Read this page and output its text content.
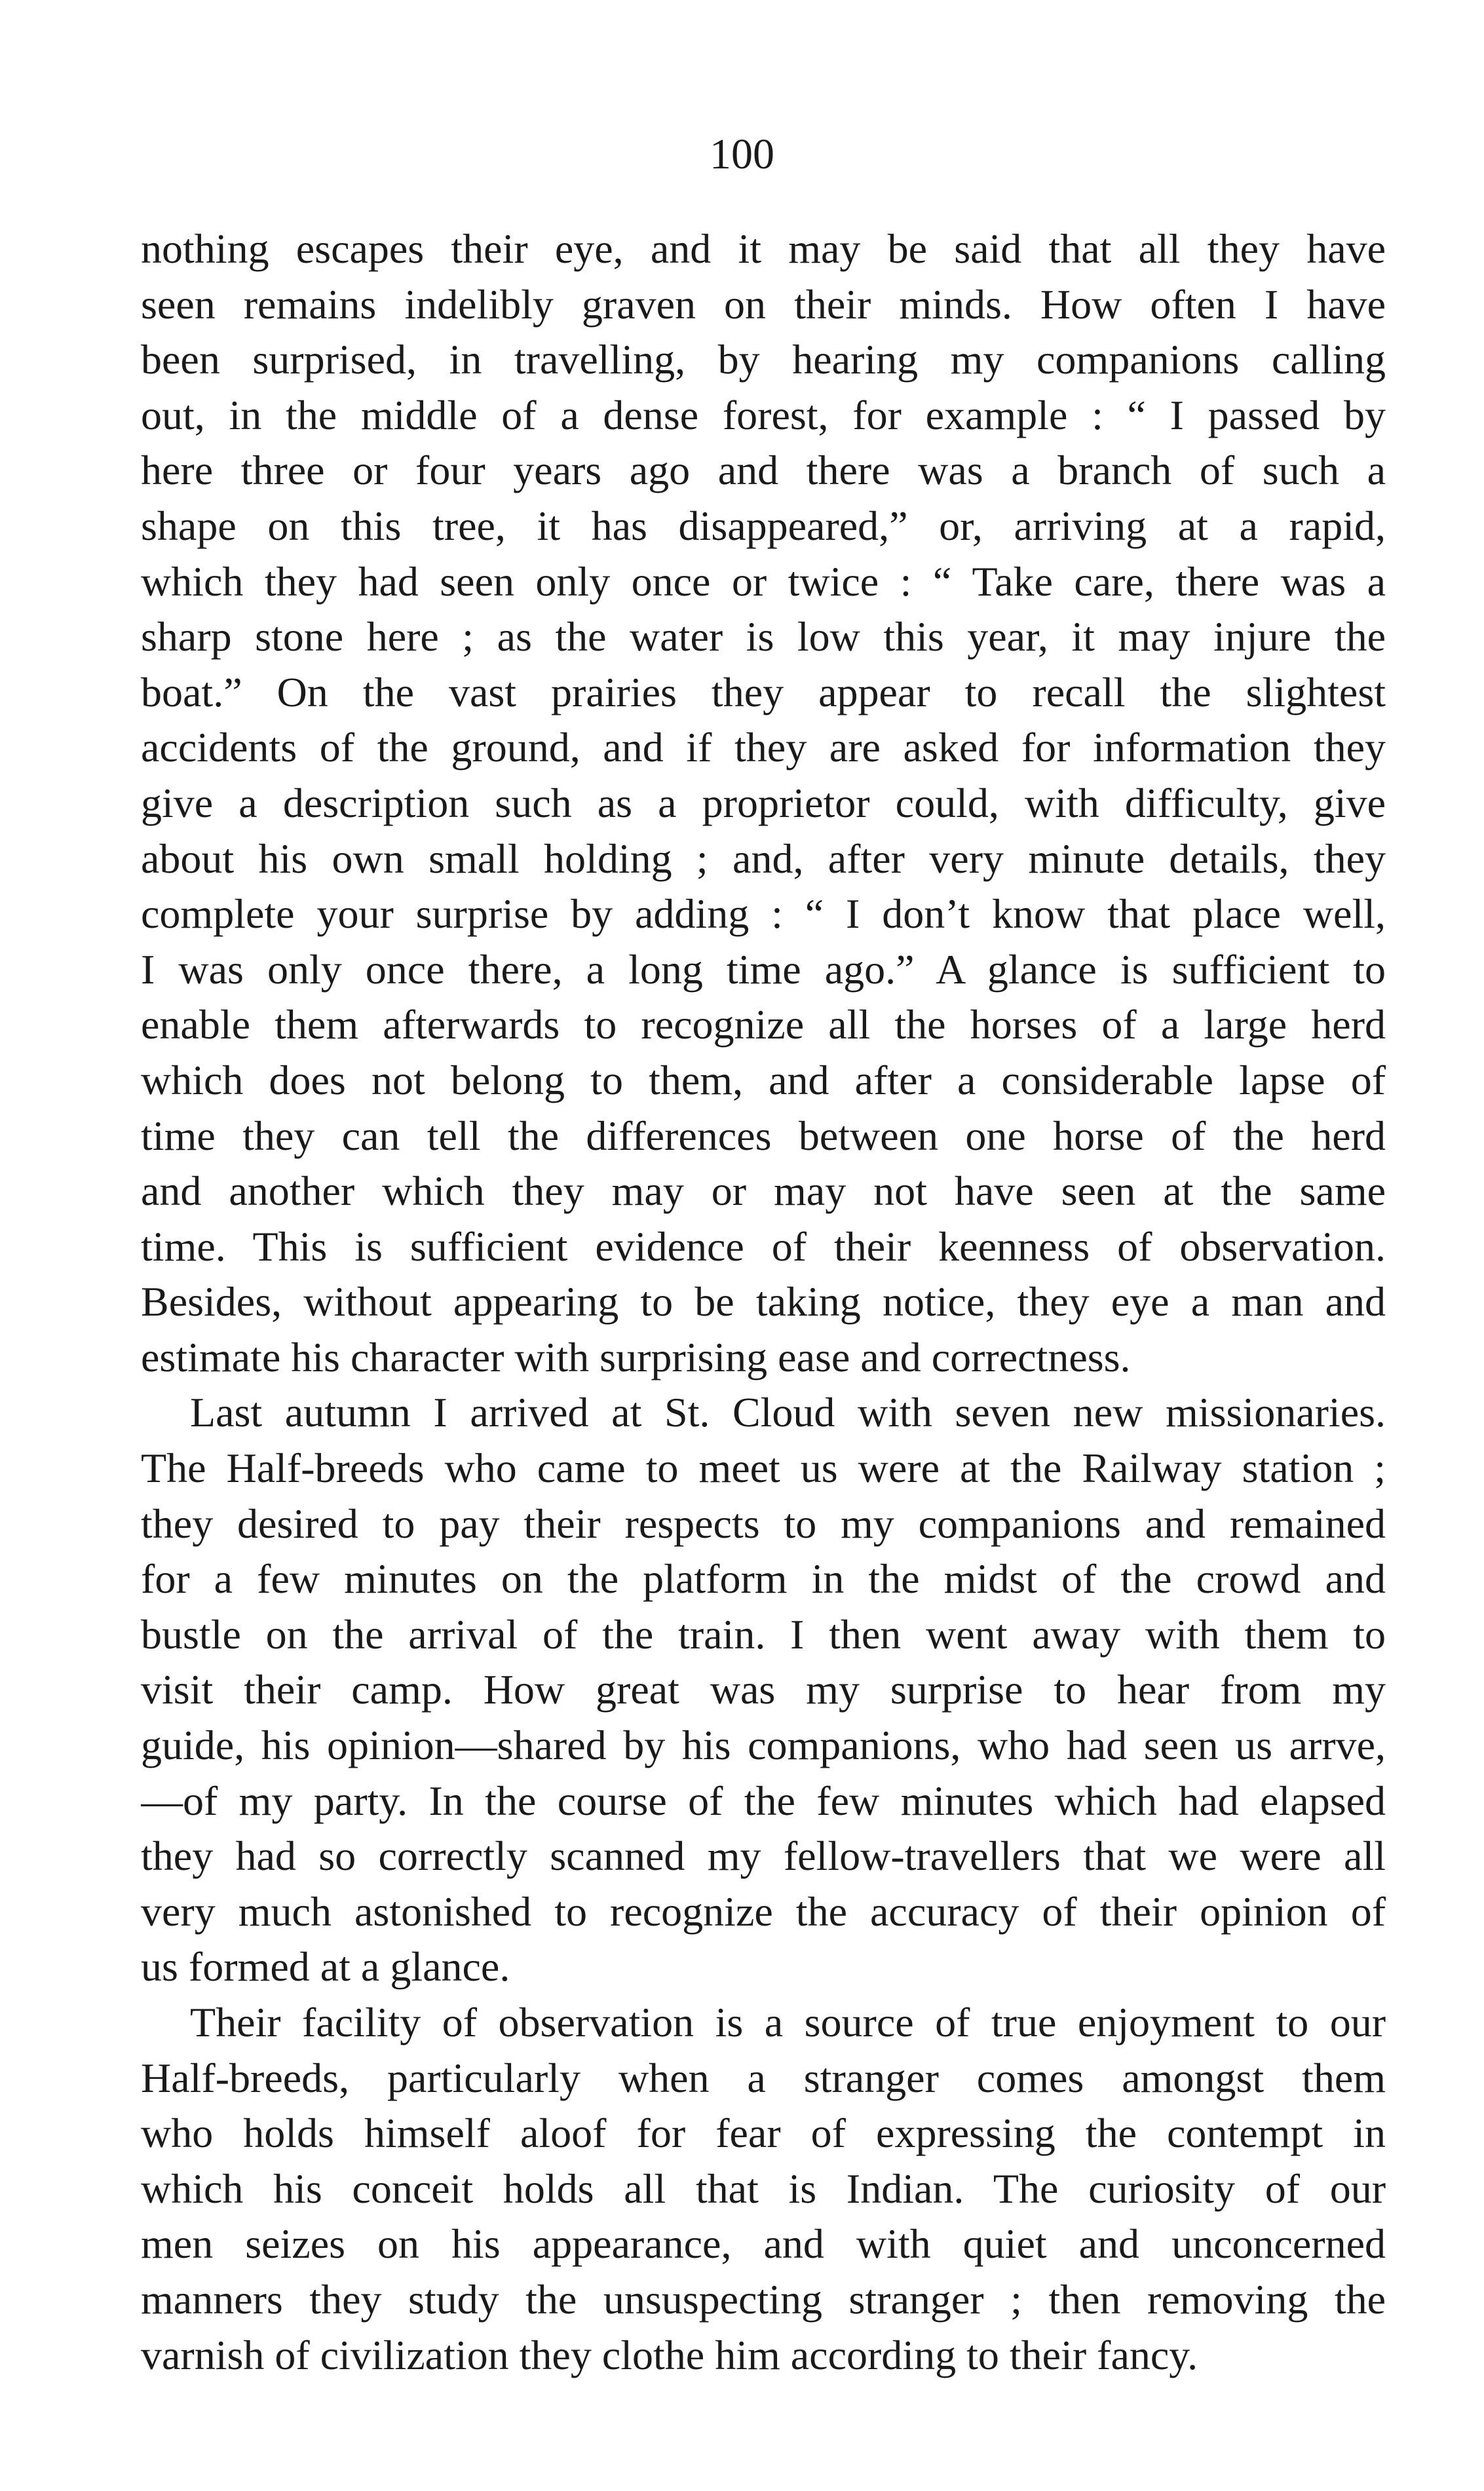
100
nothing escapes their eye, and it may be said that all they have
seen remains indelibly graven on their minds. How often I have
been surprised, in travelling, by hearing my companions calling
out, in the middle of a dense forest, for example : “ I passed by
here three or four years ago and there was a branch of such a
shape on this tree, it has disappeared,” or, arriving at a rapid,
which they had seen only once or twice : “ Take care, there was a
sharp stone here ; as the water is low this year, it may injure the
boat.” On the vast prairies they appear to recall the slightest
accidents of the ground, and if they are asked for information they
give a description such as a proprietor could, with difficulty, give
about his own small holding ; and, after very minute details, they
complete your surprise by adding : “ I don’t know that place well,
I was only once there, a long time ago.” A glance is sufficient to
enable them afterwards to recognize all the horses of a large herd
which does not belong to them, and after a considerable lapse of
time they can tell the differences between one horse of the herd
and another which they may or may not have seen at the same
time. This is sufficient evidence of their keenness of observation.
Besides, without appearing to be taking notice, they eye a man and
estimate his character with surprising ease and correctness.
Last autumn I arrived at St. Cloud with seven new missionaries.
The Half-breeds who came to meet us were at the Railway station ;
they desired to pay their respects to my companions and remained
for a few minutes on the platform in the midst of the crowd and
bustle on the arrival of the train. I then went away with them to
visit their camp. How great was my surprise to hear from my
guide, his opinion—shared by his companions, who had seen us arrve,
—of my party. In the course of the few minutes which had elapsed
they had so correctly scanned my fellow-travellers that we were all
very much astonished to recognize the accuracy of their opinion of
us formed at a glance.
Their facility of observation is a source of true enjoyment to our
Half-breeds, particularly when a stranger comes amongst them
who holds himself aloof for fear of expressing the contempt in
which his conceit holds all that is Indian. The curiosity of our
men seizes on his appearance, and with quiet and unconcerned
manners they study the unsuspecting stranger ; then removing the
varnish of civilization they clothe him according to their fancy.
